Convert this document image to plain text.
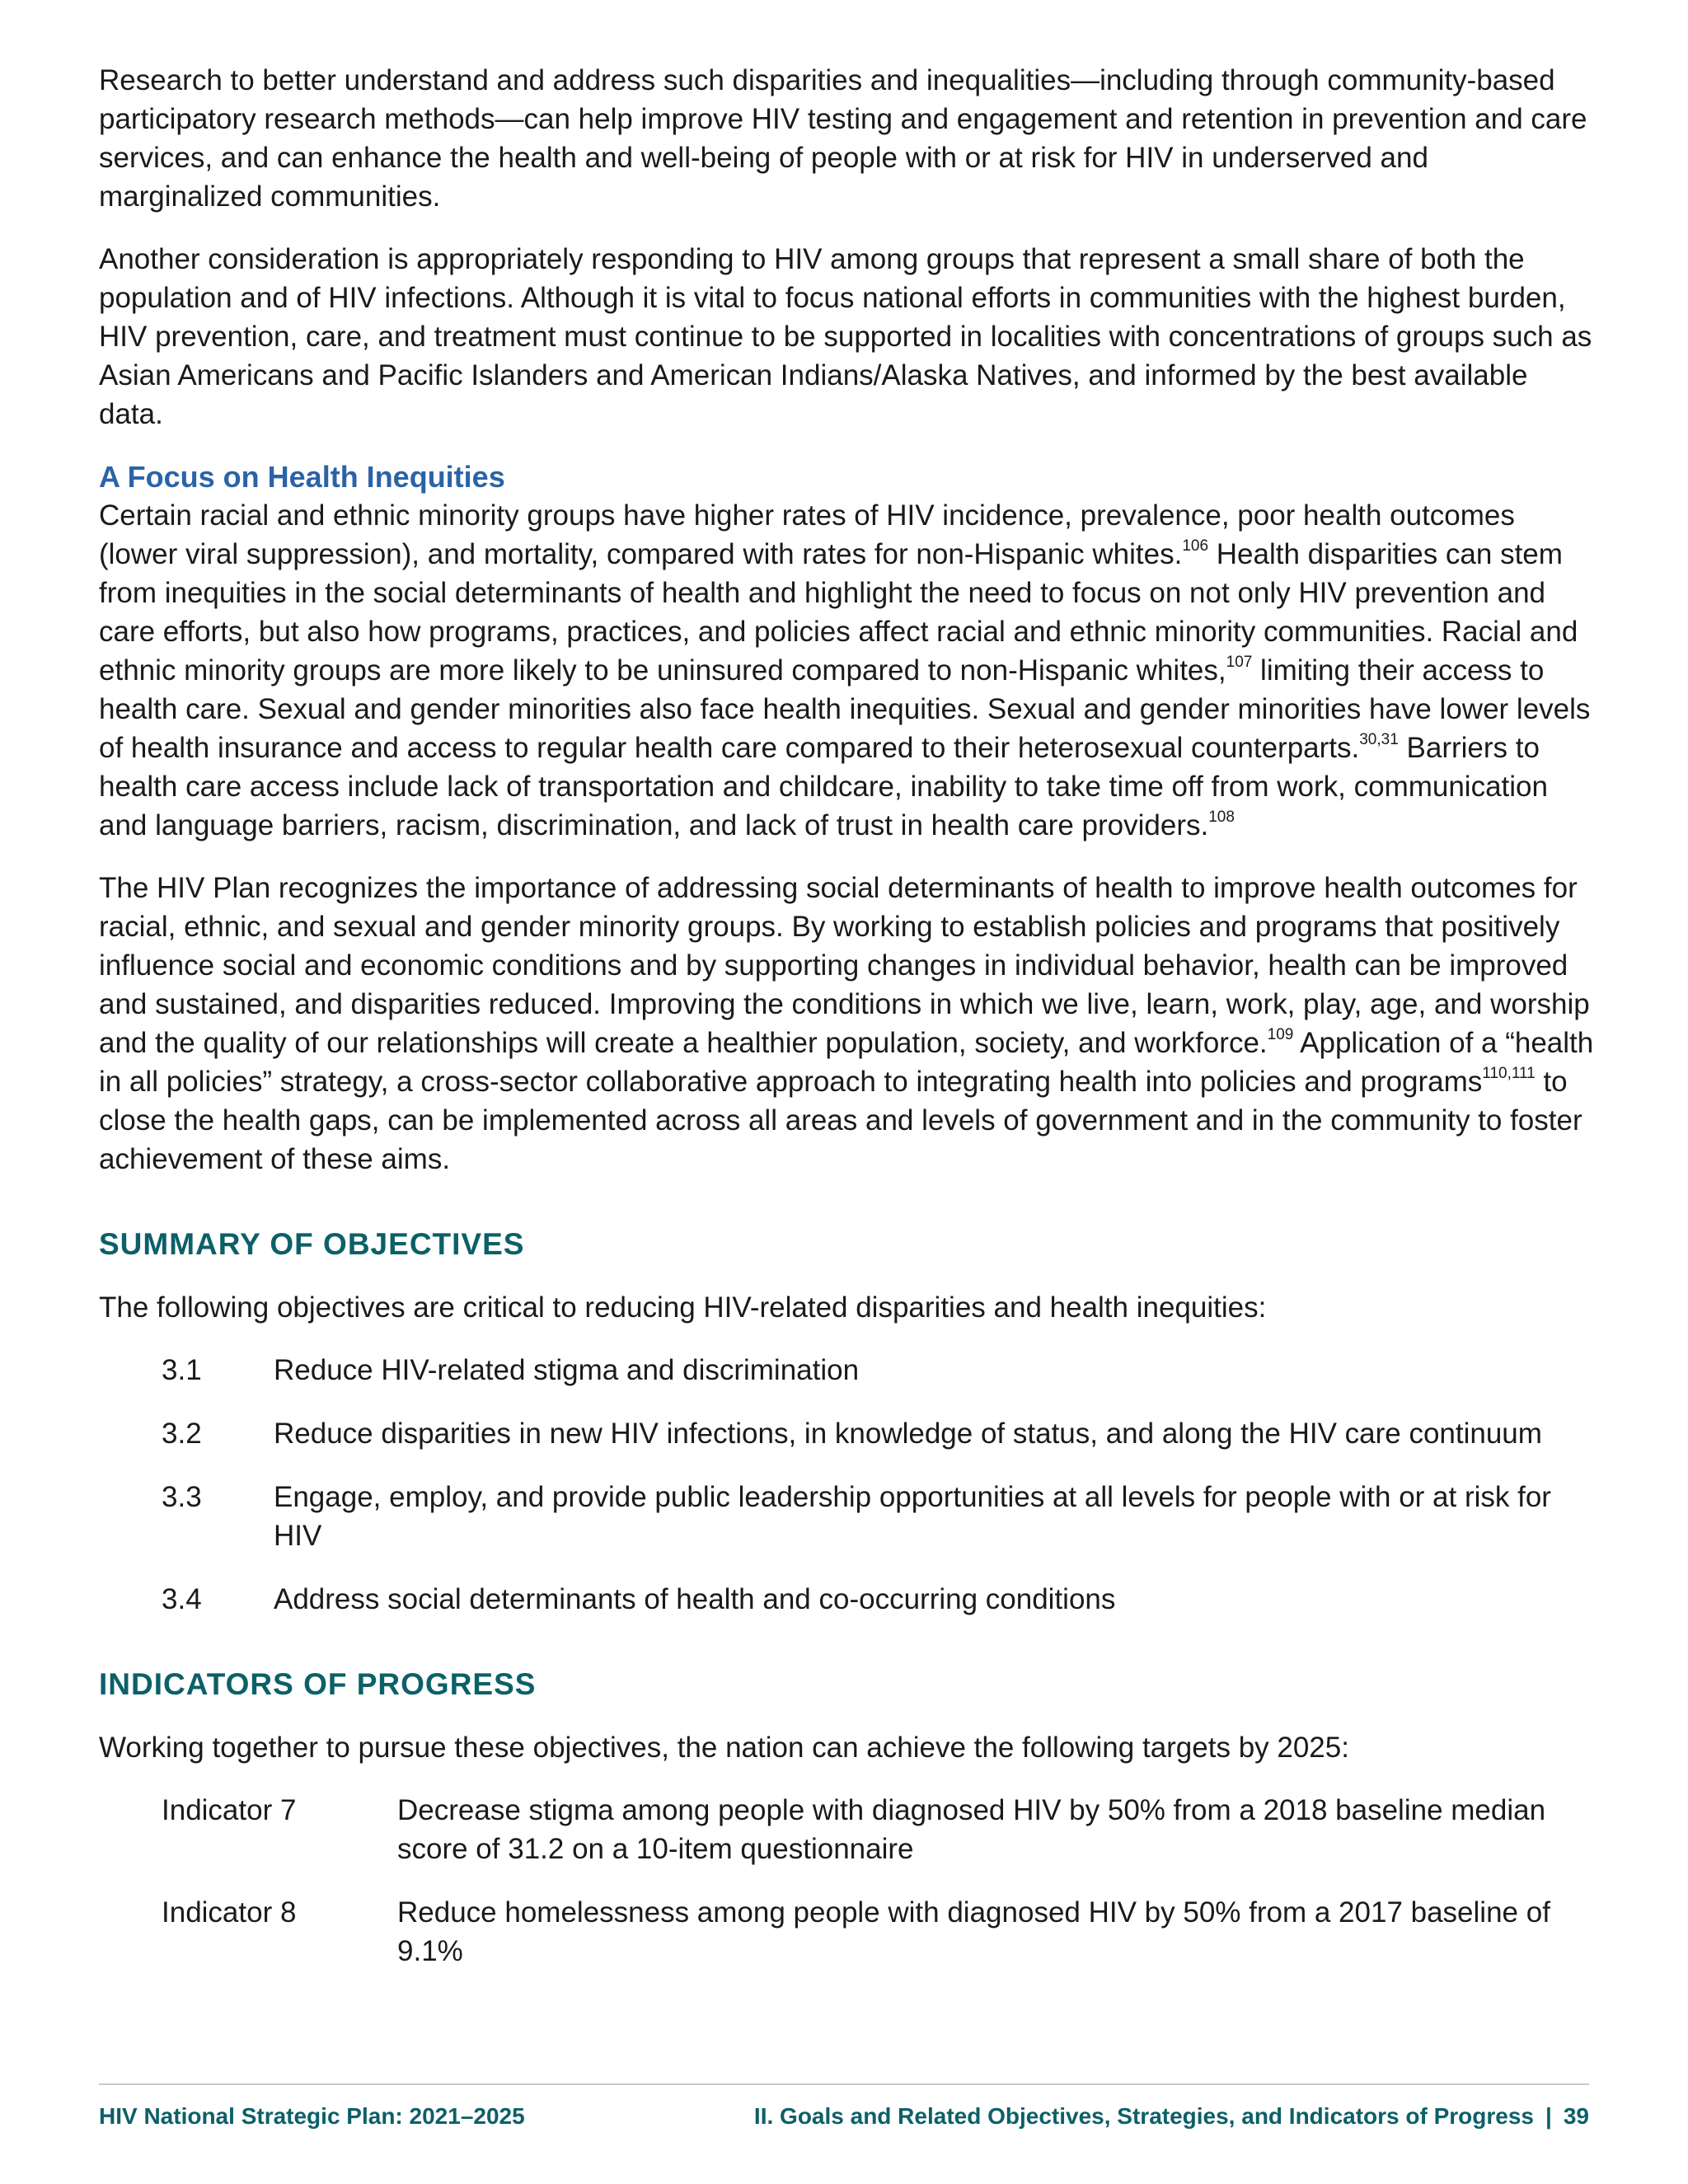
Research to better understand and address such disparities and inequalities—including through community-based participatory research methods—can help improve HIV testing and engagement and retention in prevention and care services, and can enhance the health and well-being of people with or at risk for HIV in underserved and marginalized communities.

Another consideration is appropriately responding to HIV among groups that represent a small share of both the population and of HIV infections. Although it is vital to focus national efforts in communities with the highest burden, HIV prevention, care, and treatment must continue to be supported in localities with concentrations of groups such as Asian Americans and Pacific Islanders and American Indians/Alaska Natives, and informed by the best available data.

A Focus on Health Inequities

Certain racial and ethnic minority groups have higher rates of HIV incidence, prevalence, poor health outcomes (lower viral suppression), and mortality, compared with rates for non-Hispanic whites.$^{106}$ Health disparities can stem from inequities in the social determinants of health and highlight the need to focus on not only HIV prevention and care efforts, but also how programs, practices, and policies affect racial and ethnic minority communities. Racial and ethnic minority groups are more likely to be uninsured compared to non-Hispanic whites,$^{107}$ limiting their access to health care. Sexual and gender minorities also face health inequities. Sexual and gender minorities have lower levels of health insurance and access to regular health care compared to their heterosexual counterparts.$^{30,31}$ Barriers to health care access include lack of transportation and childcare, inability to take time off from work, communication and language barriers, racism, discrimination, and lack of trust in health care providers.$^{108}$

The HIV Plan recognizes the importance of addressing social determinants of health to improve health outcomes for racial, ethnic, and sexual and gender minority groups. By working to establish policies and programs that positively influence social and economic conditions and by supporting changes in individual behavior, health can be improved and sustained, and disparities reduced. Improving the conditions in which we live, learn, work, play, age, and worship and the quality of our relationships will create a healthier population, society, and workforce.$^{109}$ Application of a “health in all policies” strategy, a cross-sector collaborative approach to integrating health into policies and programs$^{110,111}$ to close the health gaps, can be implemented across all areas and levels of government and in the community to foster achievement of these aims.

SUMMARY OF OBJECTIVES

The following objectives are critical to reducing HIV-related disparities and health inequities:

3.1	Reduce HIV-related stigma and discrimination
3.2	Reduce disparities in new HIV infections, in knowledge of status, and along the HIV care continuum
3.3	Engage, employ, and provide public leadership opportunities at all levels for people with or at risk for HIV
3.4	Address social determinants of health and co-occurring conditions
INDICATORS OF PROGRESS

Working together to pursue these objectives, the nation can achieve the following targets by 2025:

Indicator 7	Decrease stigma among people with diagnosed HIV by 50% from a 2018 baseline median score of 31.2 on a 10-item questionnaire
Indicator 8	Reduce homelessness among people with diagnosed HIV by 50% from a 2017 baseline of 9.1%
HIV National Strategic Plan: 2021–2025	II. Goals and Related Objectives, Strategies, and Indicators of Progress | 39
